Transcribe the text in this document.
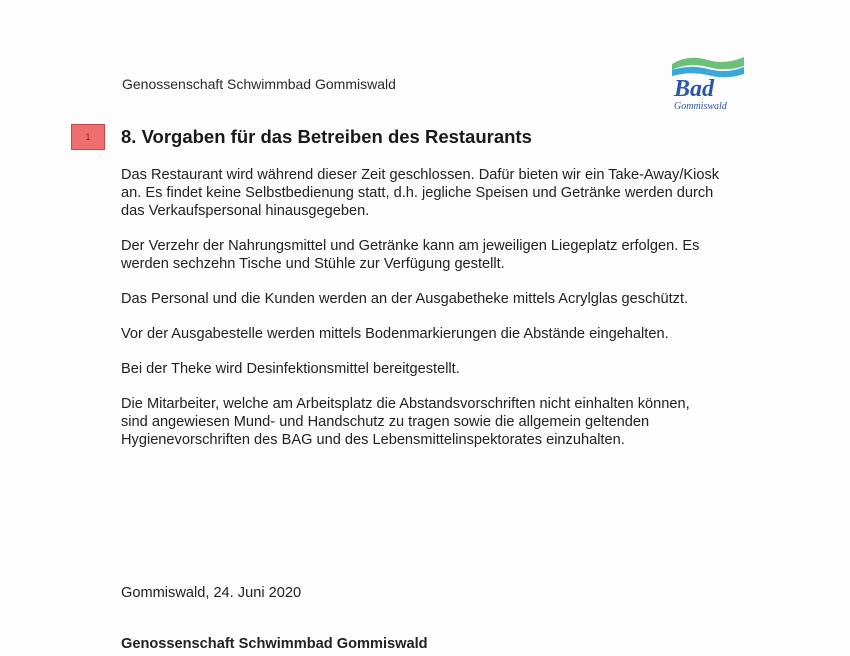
Genossenschaft Schwimmbad Gommiswald	Bad
Gommiswald
1 8. Vorgaben für das Betreiben des Restaurants

Das Restaurant wird während dieser Zeit geschlossen. Dafür bieten wir ein Take-Away/Kiosk
an. Es findet keine Selbstbedienung statt, d.h. jegliche Speisen und Getränke werden durch
das Verkaufspersonal hinausgegeben.

Der Verzehr der Nahrungsmittel und Getränke kann am jeweiligen Liegeplatz erfolgen. Es
werden sechzehn Tische und Stühle zur Verfügung gestellt.

Das Personal und die Kunden werden an der Ausgabetheke mittels Acrylglas geschützt.

Vor der Ausgabestelle werden mittels Bodenmarkierungen die Abstände eingehalten.

Bei der Theke wird Desinfektionsmittel bereitgestellt.

Die Mitarbeiter, welche am Arbeitsplatz die Abstandsvorschriften nicht einhalten können,
sind angewiesen Mund- und Handschutz zu tragen sowie die allgemein geltenden
Hygienevorschriften des BAG und des Lebensmittelinspektorates einzuhalten.

Gommiswald, 24. Juni 2020
Genossenschaft Schwimmbad Gommiswald
